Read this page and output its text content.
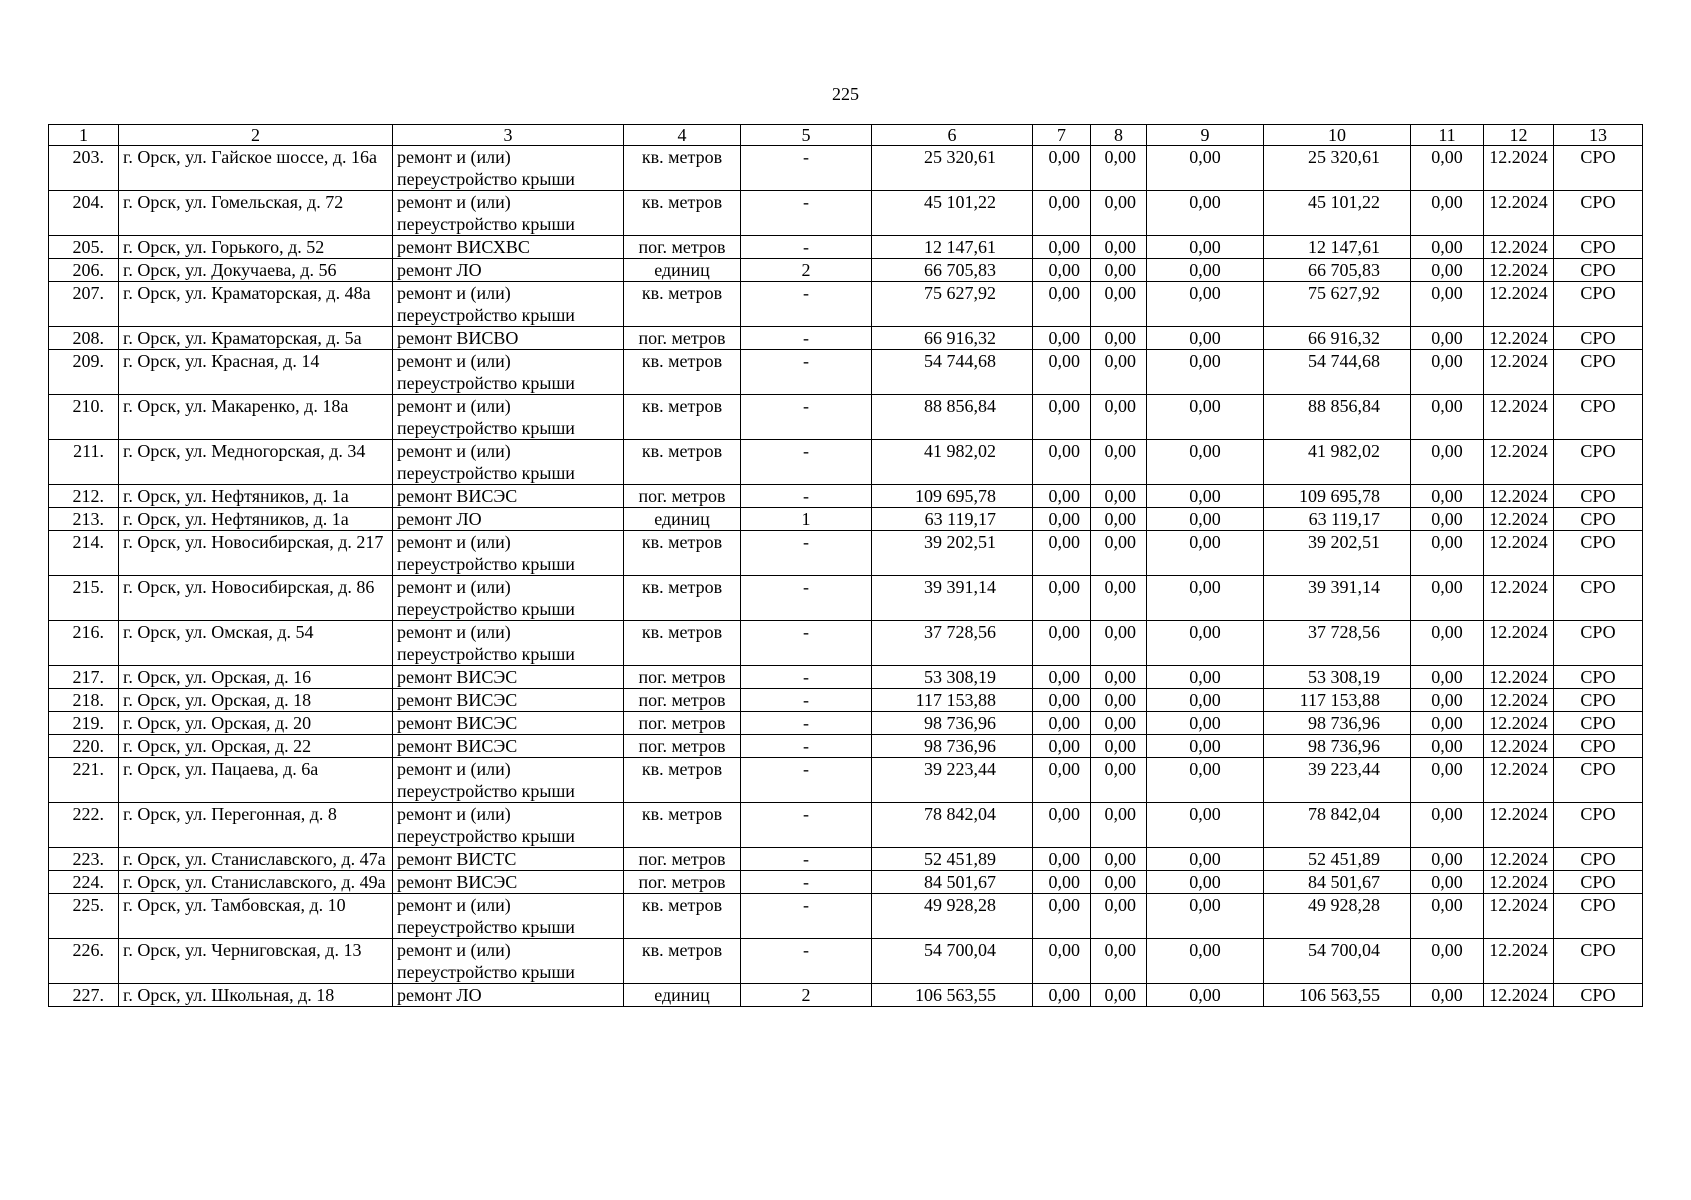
225
1	2	3	4	5	6	7	8	9	10	11	12	13
203.	г. Орск, ул. Гайское шоссе, д. 16а	ремонт и (или) переустройство крыши	кв. метров	-	25 320,61	0,00	0,00	0,00	25 320,61	0,00	12.2024	СРО
204.	г. Орск, ул. Гомельская, д. 72	ремонт и (или) переустройство крыши	кв. метров	-	45 101,22	0,00	0,00	0,00	45 101,22	0,00	12.2024	СРО
205.	г. Орск, ул. Горького, д. 52	ремонт ВИСХВС	пог. метров	-	12 147,61	0,00	0,00	0,00	12 147,61	0,00	12.2024	СРО
206.	г. Орск, ул. Докучаева, д. 56	ремонт ЛО	единиц	2	66 705,83	0,00	0,00	0,00	66 705,83	0,00	12.2024	СРО
207.	г. Орск, ул. Краматорская, д. 48а	ремонт и (или) переустройство крыши	кв. метров	-	75 627,92	0,00	0,00	0,00	75 627,92	0,00	12.2024	СРО
208.	г. Орск, ул. Краматорская, д. 5а	ремонт ВИСВО	пог. метров	-	66 916,32	0,00	0,00	0,00	66 916,32	0,00	12.2024	СРО
209.	г. Орск, ул. Красная, д. 14	ремонт и (или) переустройство крыши	кв. метров	-	54 744,68	0,00	0,00	0,00	54 744,68	0,00	12.2024	СРО
210.	г. Орск, ул. Макаренко, д. 18а	ремонт и (или) переустройство крыши	кв. метров	-	88 856,84	0,00	0,00	0,00	88 856,84	0,00	12.2024	СРО
211.	г. Орск, ул. Медногорская, д. 34	ремонт и (или) переустройство крыши	кв. метров	-	41 982,02	0,00	0,00	0,00	41 982,02	0,00	12.2024	СРО
212.	г. Орск, ул. Нефтяников, д. 1а	ремонт ВИСЭС	пог. метров	-	109 695,78	0,00	0,00	0,00	109 695,78	0,00	12.2024	СРО
213.	г. Орск, ул. Нефтяников, д. 1а	ремонт ЛО	единиц	1	63 119,17	0,00	0,00	0,00	63 119,17	0,00	12.2024	СРО
214.	г. Орск, ул. Новосибирская, д. 217	ремонт и (или) переустройство крыши	кв. метров	-	39 202,51	0,00	0,00	0,00	39 202,51	0,00	12.2024	СРО
215.	г. Орск, ул. Новосибирская, д. 86	ремонт и (или) переустройство крыши	кв. метров	-	39 391,14	0,00	0,00	0,00	39 391,14	0,00	12.2024	СРО
216.	г. Орск, ул. Омская, д. 54	ремонт и (или) переустройство крыши	кв. метров	-	37 728,56	0,00	0,00	0,00	37 728,56	0,00	12.2024	СРО
217.	г. Орск, ул. Орская, д. 16	ремонт ВИСЭС	пог. метров	-	53 308,19	0,00	0,00	0,00	53 308,19	0,00	12.2024	СРО
218.	г. Орск, ул. Орская, д. 18	ремонт ВИСЭС	пог. метров	-	117 153,88	0,00	0,00	0,00	117 153,88	0,00	12.2024	СРО
219.	г. Орск, ул. Орская, д. 20	ремонт ВИСЭС	пог. метров	-	98 736,96	0,00	0,00	0,00	98 736,96	0,00	12.2024	СРО
220.	г. Орск, ул. Орская, д. 22	ремонт ВИСЭС	пог. метров	-	98 736,96	0,00	0,00	0,00	98 736,96	0,00	12.2024	СРО
221.	г. Орск, ул. Пацаева, д. 6а	ремонт и (или) переустройство крыши	кв. метров	-	39 223,44	0,00	0,00	0,00	39 223,44	0,00	12.2024	СРО
222.	г. Орск, ул. Перегонная, д. 8	ремонт и (или) переустройство крыши	кв. метров	-	78 842,04	0,00	0,00	0,00	78 842,04	0,00	12.2024	СРО
223.	г. Орск, ул. Станиславского, д. 47а	ремонт ВИСТС	пог. метров	-	52 451,89	0,00	0,00	0,00	52 451,89	0,00	12.2024	СРО
224.	г. Орск, ул. Станиславского, д. 49а	ремонт ВИСЭС	пог. метров	-	84 501,67	0,00	0,00	0,00	84 501,67	0,00	12.2024	СРО
225.	г. Орск, ул. Тамбовская, д. 10	ремонт и (или) переустройство крыши	кв. метров	-	49 928,28	0,00	0,00	0,00	49 928,28	0,00	12.2024	СРО
226.	г. Орск, ул. Черниговская, д. 13	ремонт и (или) переустройство крыши	кв. метров	-	54 700,04	0,00	0,00	0,00	54 700,04	0,00	12.2024	СРО
227.	г. Орск, ул. Школьная, д. 18	ремонт ЛО	единиц	2	106 563,55	0,00	0,00	0,00	106 563,55	0,00	12.2024	СРО
